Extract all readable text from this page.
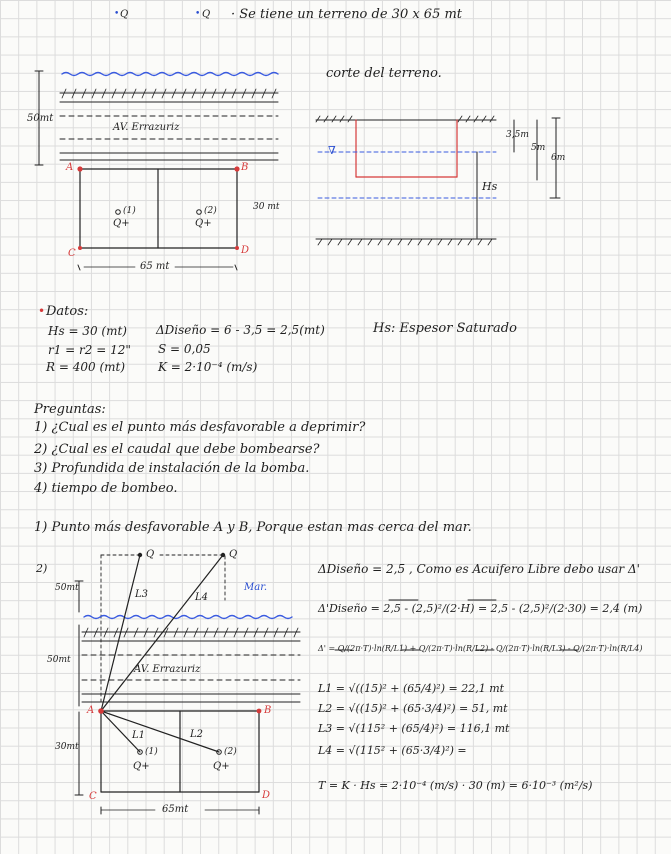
• Q	• Q · Se tiene un terreno de 30 x 65 mt
50mt
AV. Errazuriz
A	B
C	D
(1)	(2)
Q+	Q+
30 mt
65 mt
corte del terreno.
∇
3,5m
5m
6m
Hs
• Datos:
Hs = 30 (mt)
r1 = r2 = 12"
R = 400 (mt)
ΔDiseño = 6 - 3,5 = 2,5(mt)
S = 0,05
K = 2·10⁻⁴ (m/s)
Hs: Espesor Saturado
Preguntas:
1) ¿Cual es el punto más desfavorable a deprimir?
2) ¿Cual es el caudal que debe bombearse?
3) Profundida de instalación de la bomba.
4) tiempo de bombeo.
1) Punto más desfavorable A y B, Porque estan mas cerca del mar.
2)
Q	Q
50mt	Mar.
L3	L4
50mt
AV. Errazuriz
A	B
L1	L2
30mt	(1)	(2)
Q+	Q+
C	D
65mt
ΔDiseño = 2,5 , Como es Acuifero Libre debo usar Δ'
Δ'Diseño = 2,5 - (2,5)²/(2·H) = 2,5 - (2,5)²/(2·30) = 2,4 (m)
Δ' = Q/(2π·T)·ln(R/L1) + Q/(2π·T)·ln(R/L2) - Q/(2π·T)·ln(R/L3) - Q/(2π·T)·ln(R/L4)
L1 = √((15)² + (65/4)²) = 22,1 mt
L2 = √((15)² + (65·3/4)²) = 51, mt
L3 = √(115² + (65/4)²) = 116,1 mt
L4 = √(115² + (65·3/4)²) =
T = K · Hs = 2·10⁻⁴ (m/s) · 30 (m) = 6·10⁻³ (m²/s)
